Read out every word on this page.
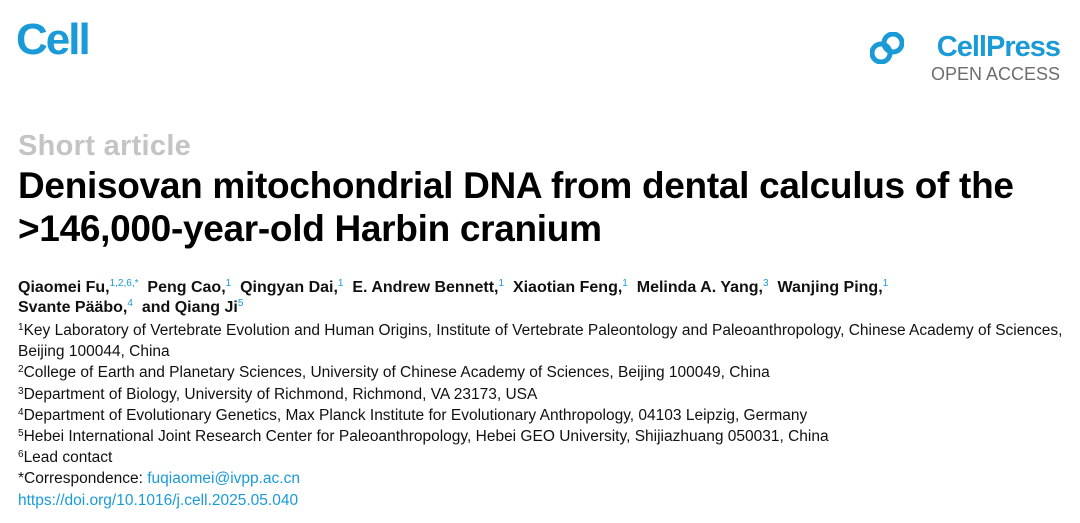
Cell	CellPress
OPEN ACCESS
Short article
Denisovan mitochondrial DNA from dental calculus of the >146,000-year-old Harbin cranium
Qiaomei Fu,$^{1,2,6,*}$ Peng Cao,$^1$ Qingyan Dai,$^1$ E. Andrew Bennett,$^1$ Xiaotian Feng,$^1$ Melinda A. Yang,$^3$ Wanjing Ping,$^1$
Svante Pääbo,$^4$ and Qiang Ji$^5$
$^1$Key Laboratory of Vertebrate Evolution and Human Origins, Institute of Vertebrate Paleontology and Paleoanthropology, Chinese Academy of Sciences, Beijing 100044, China
$^2$College of Earth and Planetary Sciences, University of Chinese Academy of Sciences, Beijing 100049, China
$^3$Department of Biology, University of Richmond, Richmond, VA 23173, USA
$^4$Department of Evolutionary Genetics, Max Planck Institute for Evolutionary Anthropology, 04103 Leipzig, Germany
$^5$Hebei International Joint Research Center for Paleoanthropology, Hebei GEO University, Shijiazhuang 050031, China
$^6$Lead contact
*Correspondence: fuqiaomei@ivpp.ac.cn
https://doi.org/10.1016/j.cell.2025.05.040
